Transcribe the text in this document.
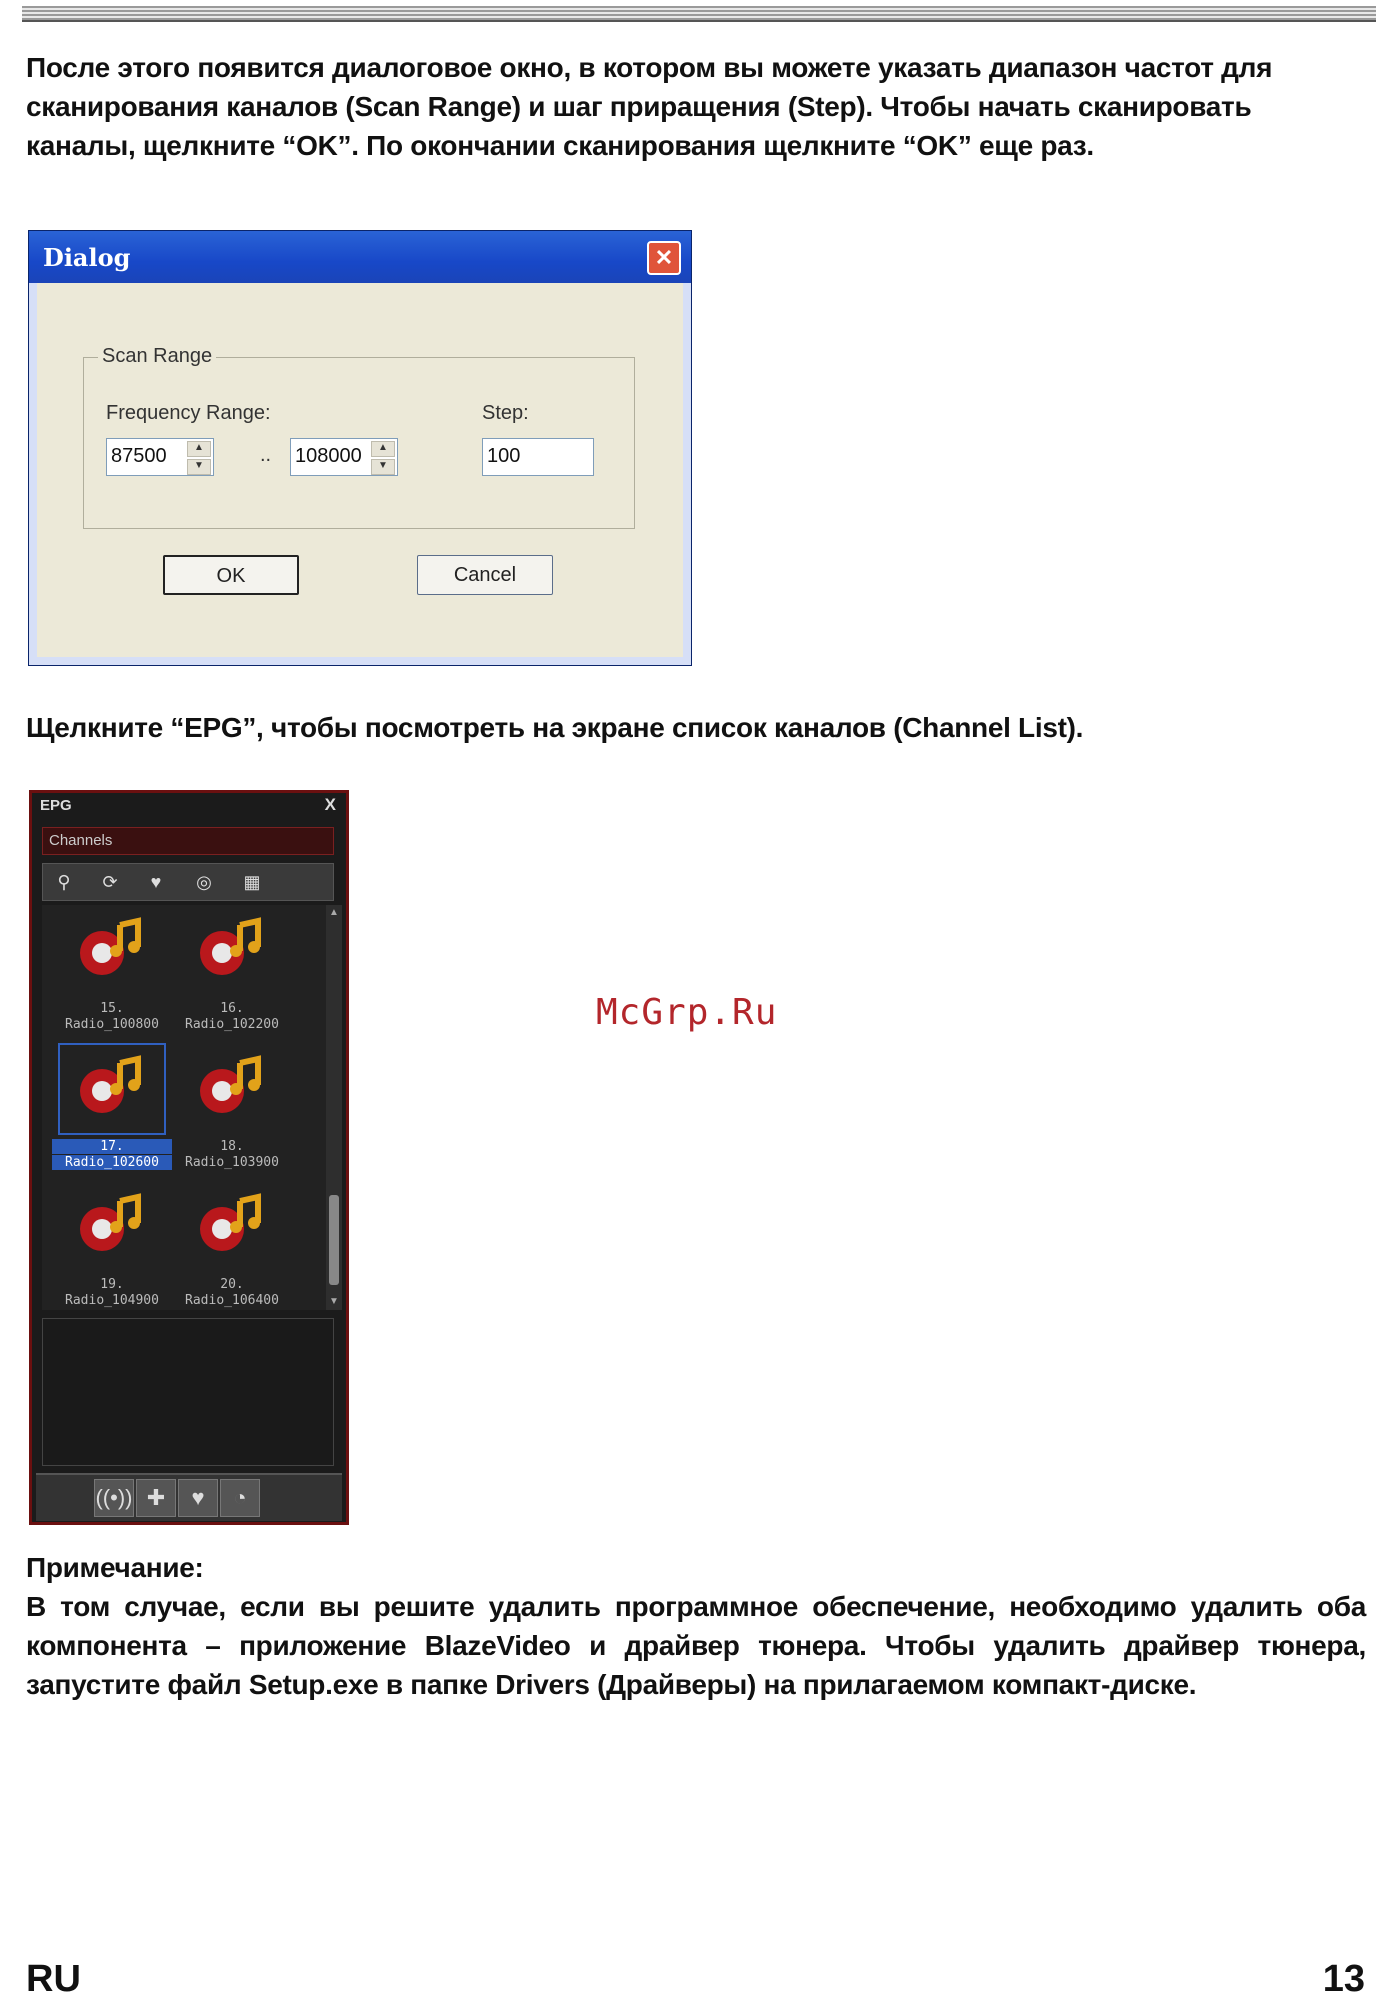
После этого появится диалоговое окно, в котором вы можете указать диапазон частот для сканирования каналов (Scan Range) и шаг приращения (Step). Чтобы начать сканировать каналы, щелкните “OK”. По окончании сканирования щелкните “OK” еще раз.
Dialog	✕
Scan Range
Frequency Range:	Step:
87500	▲
▼	.. 108000	▲
▼	100
OK	Cancel
Щелкните “EPG”, чтобы посмотреть на экране список каналов (Channel List).
EPG	X
Channels
⚲	⟳	♥	◎ ▦
15.
Radio_100800
16.
Radio_102200
17.
Radio_102600
18.
Radio_103900
19.
Radio_104900
20.
Radio_106400
▲
▼
((•)) ✚	♥	◔
McGrp.Ru
Примечание:
В том случае, если вы решите удалить программное обеспечение, необходимо удалить оба компонента – приложение BlazeVideo и драйвер тюнера. Чтобы удалить драйвер тюнера, запустите файл Setup.exe в папке Drivers (Драйверы) на прилагаемом компакт-диске.
RU	13
